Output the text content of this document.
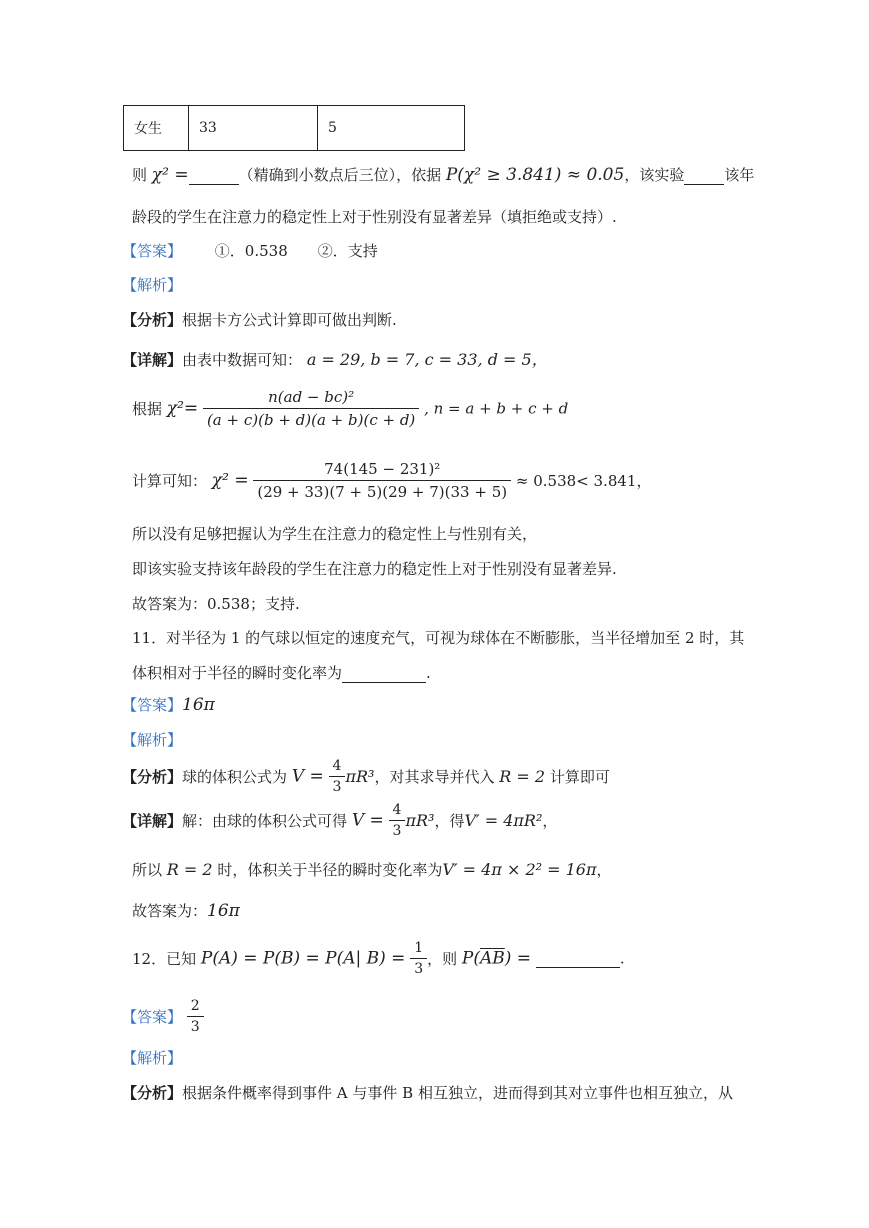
女生	33	5
则 χ² =	（精确到小数点后三位），依据 P(χ² ≥ 3.841) ≈ 0.05，该实验	该年
龄段的学生在注意力的稳定性上对于性别没有显著差异（填拒绝或支持）.
【答案】 ①．0.538　　②．支持
【解析】
【分析】根据卡方公式计算即可做出判断.
【详解】由表中数据可知： a = 29, b = 7, c = 33, d = 5，
根据 $\chi^2= \frac{\text{n(ad − bc)²}}{(a + c)(b + d)(a + b)(c + d)}$ , n = a + b + c + d
计算可知： $\chi^2 = \frac{\text{74(145 − 231)²}}{(29 + 33)(7 + 5)(29 + 7)(33 + 5)} \approx 0.538< 3.841$，
所以没有足够把握认为学生在注意力的稳定性上与性别有关，
即该实验支持该年龄段的学生在注意力的稳定性上对于性别没有显著差异.
故答案为：0.538；支持.
11．对半径为 1 的气球以恒定的速度充气，可视为球体在不断膨胀，当半径增加至 2 时，其
体积相对于半径的瞬时变化率为	.
【答案】16π
【解析】
【分析】球的体积公式为 $V = \frac{4}{3} \pi R^3$，对其求导并代入 R = 2 计算即可
【详解】解：由球的体积公式可得 $V = \frac{4}{3} \pi R^3$，得V′ = 4πR²，
所以 R = 2 时，体积关于半径的瞬时变化率为V′ = 4π × 2² = 16π，
故答案为：16π
12．已知 P(A) = P(B) = P(A| $B) = \frac{1}{3}$ ，则 $P(\overline{A}\overline{B})$ =	.
【答案】 $\frac{2}{3}$
【解析】
【分析】根据条件概率得到事件 A 与事件 B 相互独立，进而得到其对立事件也相互独立，从
